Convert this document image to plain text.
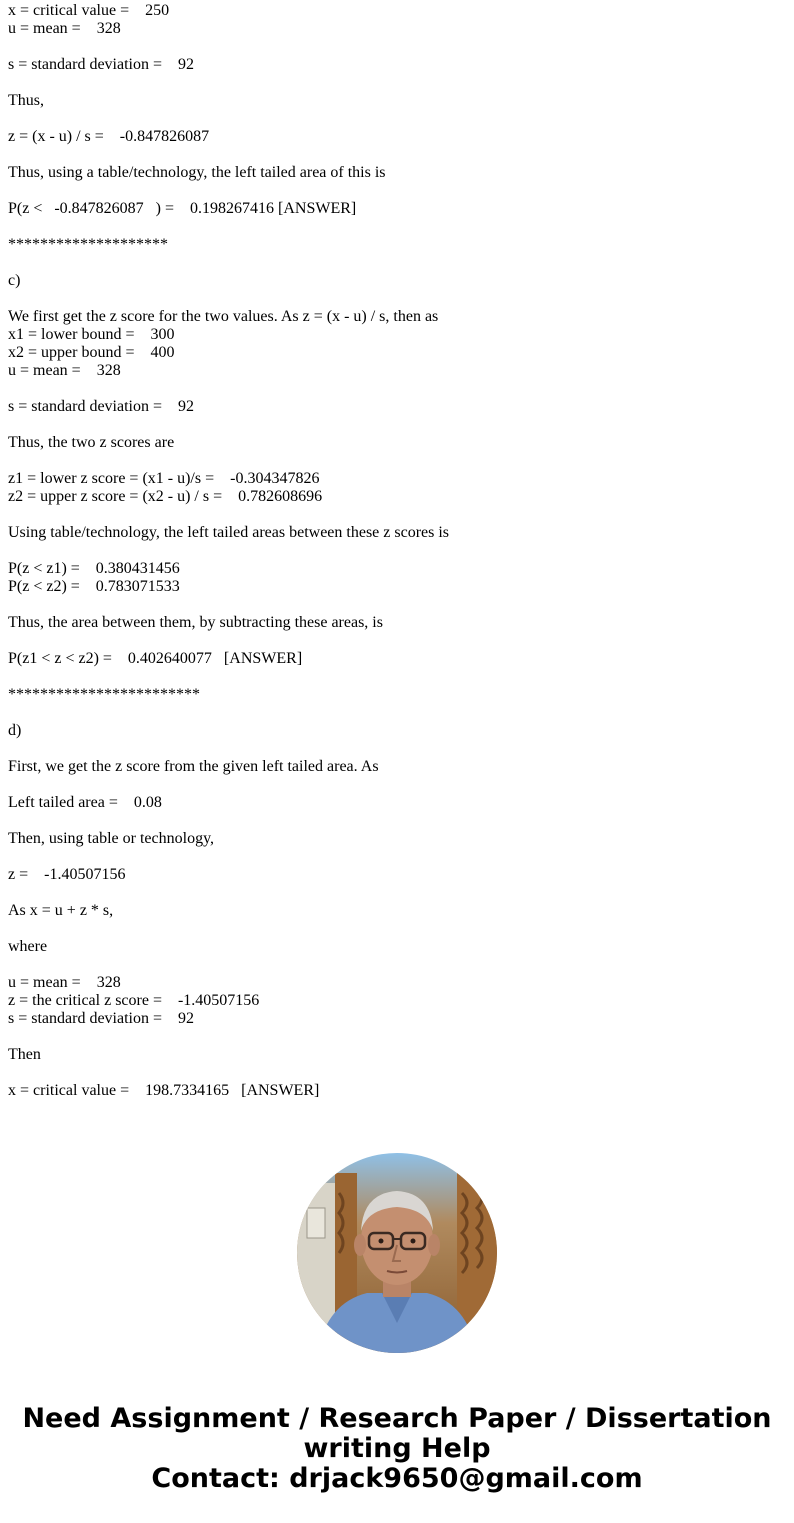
x = critical value =    250
u = mean =    328
s = standard deviation =    92
Thus,
z = (x - u) / s =    -0.847826087
Thus, using a table/technology, the left tailed area of this is
P(z <   -0.847826087   ) =    0.198267416 [ANSWER]
********************
c)
We first get the z score for the two values. As z = (x - u) / s, then as
x1 = lower bound =    300
x2 = upper bound =    400
u = mean =    328
s = standard deviation =    92
Thus, the two z scores are
z1 = lower z score = (x1 - u)/s =    -0.304347826
z2 = upper z score = (x2 - u) / s =    0.782608696
Using table/technology, the left tailed areas between these z scores is
P(z < z1) =    0.380431456
P(z < z2) =    0.783071533
Thus, the area between them, by subtracting these areas, is
P(z1 < z < z2) =    0.402640077   [ANSWER]
************************
d)
First, we get the z score from the given left tailed area. As
Left tailed area =    0.08
Then, using table or technology,
z =    -1.40507156
As x = u + z * s,
where
u = mean =    328
z = the critical z score =    -1.40507156
s = standard deviation =    92
Then
x = critical value =    198.7334165   [ANSWER]
Need Assignment / Research Paper / Dissertation
writing Help
Contact: drjack9650@gmail.com
